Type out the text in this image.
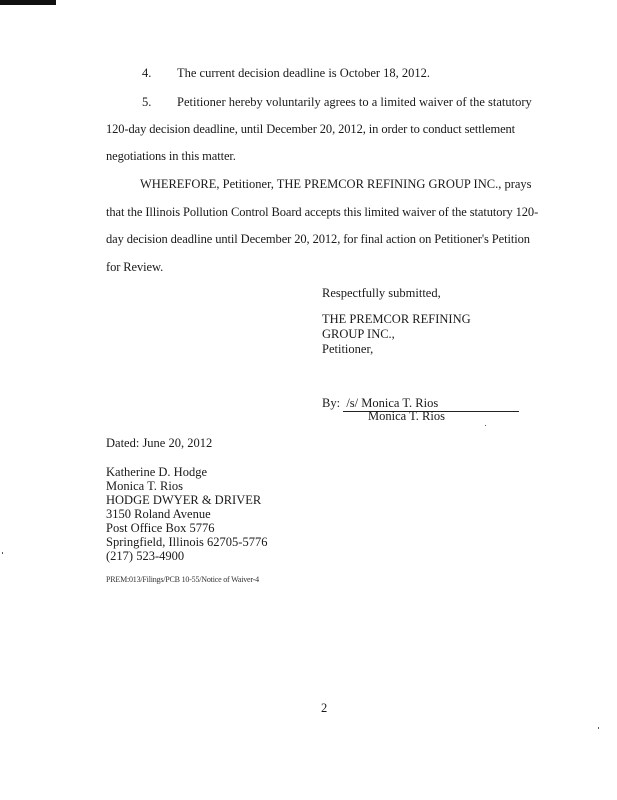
4. The current decision deadline is October 18, 2012.
5. Petitioner hereby voluntarily agrees to a limited waiver of the statutory
120-day decision deadline, until December 20, 2012, in order to conduct settlement
negotiations in this matter.
WHEREFORE, Petitioner, THE PREMCOR REFINING GROUP INC., prays
that the Illinois Pollution Control Board accepts this limited waiver of the statutory 120-
day decision deadline until December 20, 2012, for final action on Petitioner's Petition
for Review.
Respectfully submitted,
THE PREMCOR REFINING
GROUP INC.,
Petitioner,
By: /s/ Monica T. Rios
Monica T. Rios
Dated: June 20, 2012
Katherine D. Hodge
Monica T. Rios
HODGE DWYER & DRIVER
3150 Roland Avenue
Post Office Box 5776
Springfield, Illinois 62705-5776
(217) 523-4900
PREM:013/Filings/PCB 10-55/Notice of Waiver-4
2
